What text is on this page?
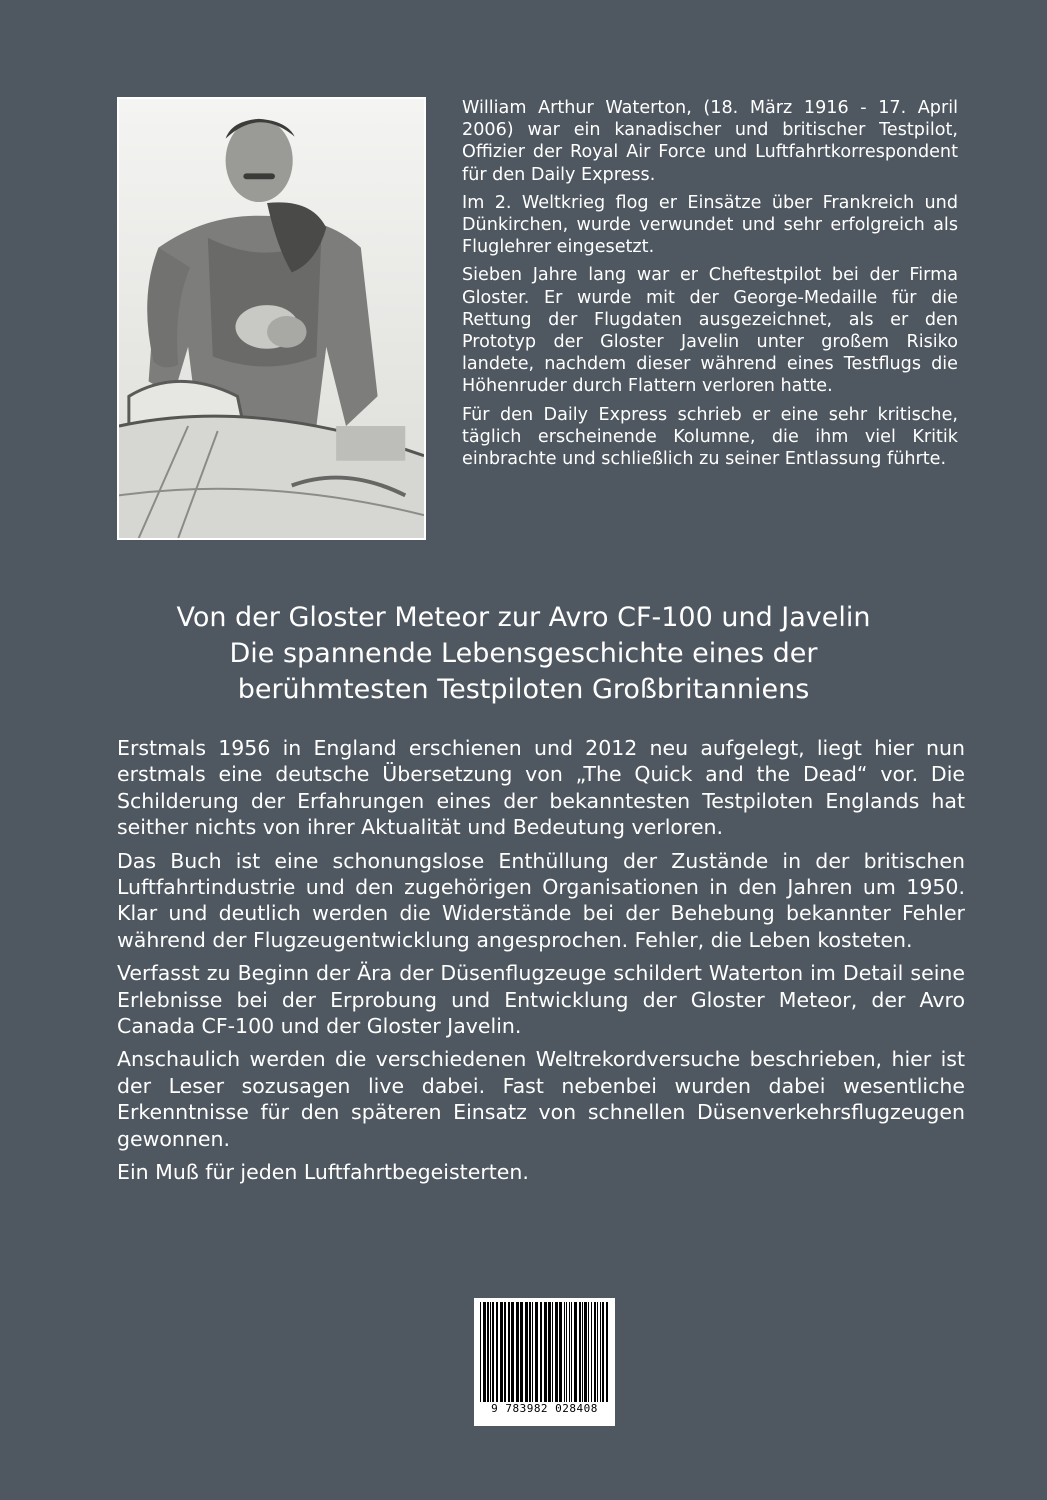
William Arthur Waterton, (18. März 1916 - 17. April 2006) war ein kanadischer und britischer Testpilot, Offizier der Royal Air Force und Luftfahrtkorrespondent für den Daily Express.

Im 2. Weltkrieg flog er Einsätze über Frankreich und Dünkirchen, wurde verwundet und sehr erfolgreich als Fluglehrer eingesetzt.

Sieben Jahre lang war er Cheftestpilot bei der Firma Gloster. Er wurde mit der George-Medaille für die Rettung der Flugdaten ausgezeichnet, als er den Prototyp der Gloster Javelin unter großem Risiko landete, nachdem dieser während eines Testflugs die Höhenruder durch Flattern verloren hatte.

Für den Daily Express schrieb er eine sehr kritische, täglich erscheinende Kolumne, die ihm viel Kritik einbrachte und schließlich zu seiner Entlassung führte.

Von der Gloster Meteor zur Avro CF-100 und Javelin
Die spannende Lebensgeschichte eines der
berühmtesten Testpiloten Großbritanniens

Erstmals 1956 in England erschienen und 2012 neu aufgelegt, liegt hier nun erstmals eine deutsche Übersetzung von „The Quick and the Dead“ vor. Die Schilderung der Erfahrungen eines der bekanntesten Testpiloten Englands hat seither nichts von ihrer Aktualität und Bedeutung verloren.

Das Buch ist eine schonungslose Enthüllung der Zustände in der britischen Luftfahrtindustrie und den zugehörigen Organisationen in den Jahren um 1950. Klar und deutlich werden die Widerstände bei der Behebung bekannter Fehler während der Flugzeugentwicklung angesprochen. Fehler, die Leben kosteten.

Verfasst zu Beginn der Ära der Düsenflugzeuge schildert Waterton im Detail seine Erlebnisse bei der Erprobung und Entwicklung der Gloster Meteor, der Avro Canada CF-100 und der Gloster Javelin.

Anschaulich werden die verschiedenen Weltrekordversuche beschrieben, hier ist der Leser sozusagen live dabei. Fast nebenbei wurden dabei wesentliche Erkenntnisse für den späteren Einsatz von schnellen Düsenverkehrsflugzeugen gewonnen.

Ein Muß für jeden Luftfahrtbegeisterten.

9 783982 028408
